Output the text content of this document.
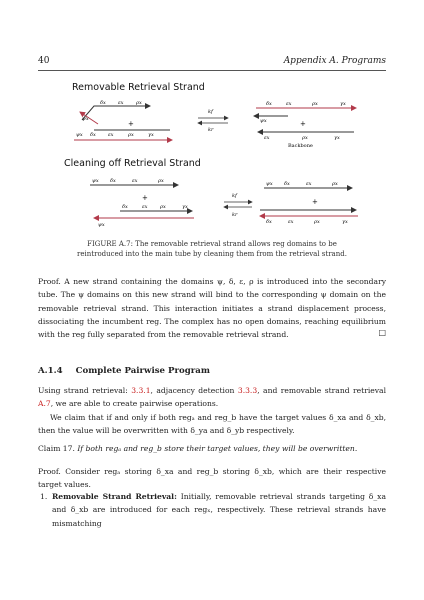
40	Appendix A. Programs
Removable Retrieval Strand
Cleaning off Retrieval Strand
δx εx ρx
ψx
+
ψx δx εx	ρx	γx
kf
kr
δx	εx	ρx	γx
ψx	+
εx	ρx	γx
Backbone
ψx δx	εx	ρx
+
δx	εx ρx	γx
ψx
kf
kr
ψx δx	εx	ρx
+
δx	εx	ρx	γx
FIGURE A.7: The removable retrieval strand allows reg domains to be reintroduced into the main tube by cleaning them from the retrieval strand.
Proof. A new strand containing the domains ψ, δ, ε, ρ is introduced into the secondary tube. The ψ domains on this new strand will bind to the corresponding ψ domain on the removable retrieval strand. This interaction initiates a strand displacement process, dissociating the incumbent reg. The complex has no open domains, reaching equilibrium with the reg fully separated from the removable retrieval strand.	□
A.1.4 Complete Pairwise Program
Using strand retrieval: 3.3.1, adjacency detection 3.3.3, and removable strand retrieval A.7, we are able to create pairwise operations.
We claim that if and only if both regₐ and reg_b have the target values δ_xa and δ_xb, then the value will be overwritten with δ_ya and δ_yb respectively.
Claim 17. If both regₐ and reg_b store their target values, they will be overwritten.
Proof. Consider regₐ storing δ_xa and reg_b storing δ_xb, which are their respective target values.
1. Removable Strand Retrieval: Initially, removable retrieval strands targeting δ_xa and δ_xb are introduced for each regₓ, respectively. These retrieval strands have mismatching
